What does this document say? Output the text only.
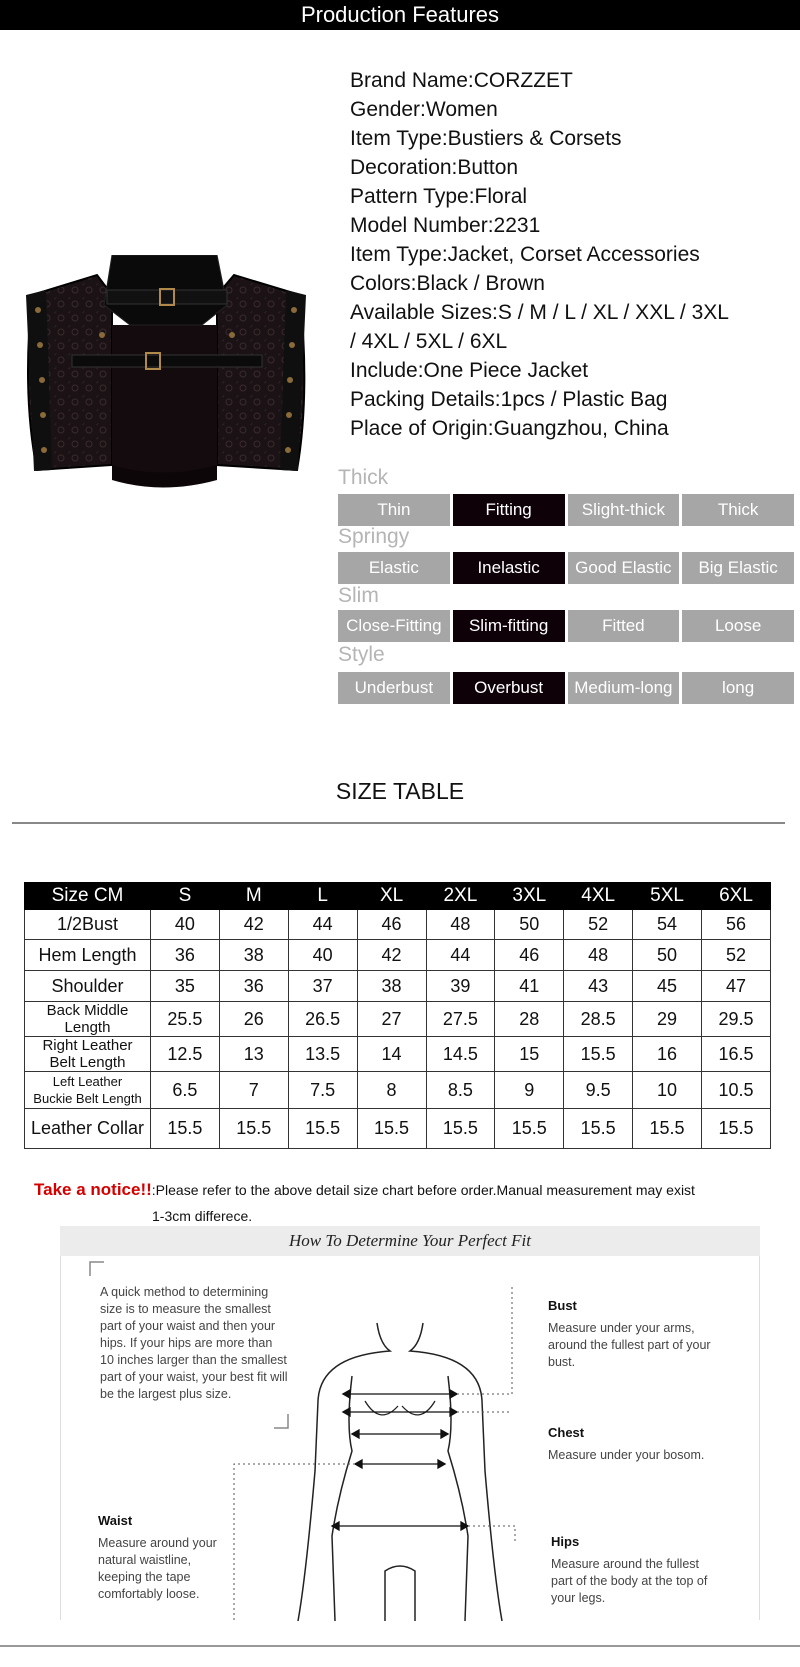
Production Features
Brand Name:CORZZET
Gender:Women
Item Type:Bustiers & Corsets
Decoration:Button
Pattern Type:Floral
Model Number:2231
Item Type:Jacket, Corset Accessories
Colors:Black / Brown
Available Sizes:S / M / L / XL / XXL / 3XL
/ 4XL / 5XL / 6XL
Include:One Piece Jacket
Packing Details:1pcs / Plastic Bag
Place of Origin:Guangzhou, China
Thick
Thin	Fitting	Slight-thick	Thick
Springy
Elastic	Inelastic	Good Elastic	Big Elastic
Slim
Close-Fitting	Slim-fitting	Fitted	Loose
Style
Underbust	Overbust	Medium-long	long
SIZE TABLE
Size CM	S	M	L	XL	2XL	3XL	4XL	5XL	6XL
1/2Bust	40	42	44	46	48	50	52	54	56
Hem Length	36	38	40	42	44	46	48	50	52
Shoulder	35	36	37	38	39	41	43	45	47
Back Middle
Length	25.5	26	26.5	27	27.5	28	28.5	29	29.5
Right Leather
Belt Length	12.5	13	13.5	14	14.5	15	15.5	16	16.5
Left Leather
Buckie Belt Length	6.5	7	7.5	8	8.5	9	9.5	10	10.5
Leather Collar	15.5	15.5	15.5	15.5	15.5	15.5	15.5	15.5	15.5
Take a notice!!:Please refer to the above detail size chart before order.Manual measurement may exist
1-3cm differece.
How To Determine Your Perfect Fit
A quick method to determining size is to measure the smallest part of your waist and then your hips. If your hips are more than 10 inches larger than the smallest part of your waist, your best fit will be the largest plus size.
Bust
Measure under your arms, around the fullest part of your bust.
Chest
Measure under your bosom.
Waist
Measure around your natural waistline, keeping the tape comfortably loose.
Hips
Measure around the fullest part of the body at the top of your legs.
